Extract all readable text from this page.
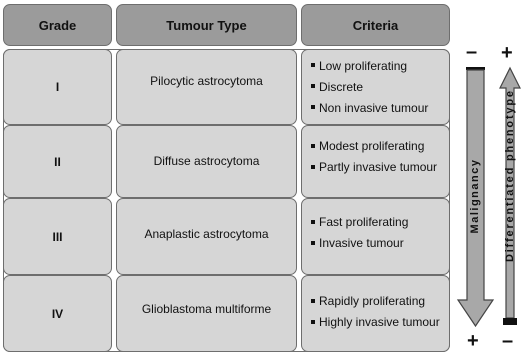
Grade	Tumour Type	Criteria
I	Pilocytic astrocytoma
Low proliferating
Discrete
Non invasive tumour
II	Diffuse astrocytoma
Modest proliferating
Partly invasive tumour
III	Anaplastic astrocytoma
Fast proliferating
Invasive tumour
IV	Glioblastoma multiforme
Rapidly proliferating
Highly invasive tumour
–
+
+
–
Malignancy Differentiated phenotype
